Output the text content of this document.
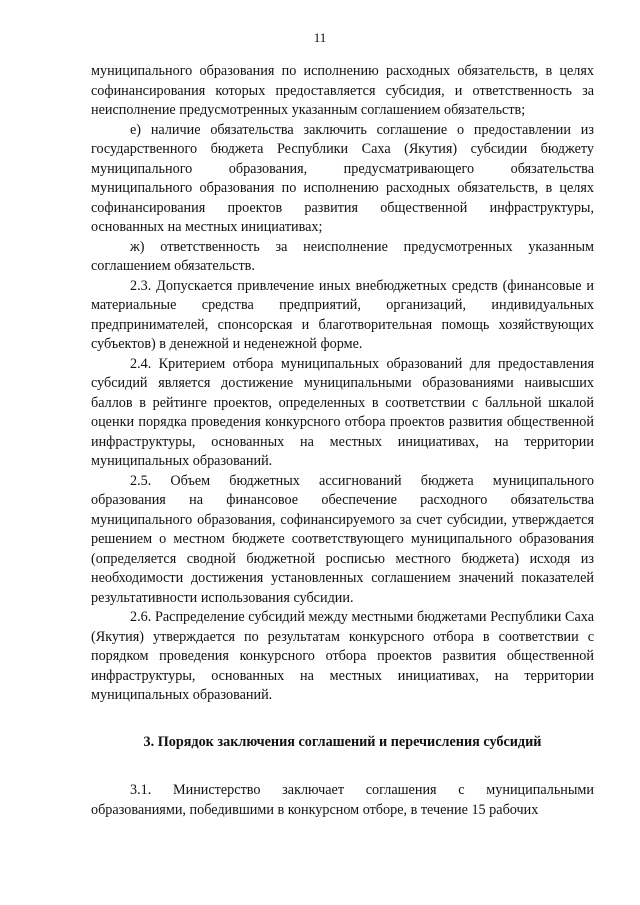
11

муниципального образования по исполнению расходных обязательств, в целях софинансирования которых предоставляется субсидия, и ответственность за неисполнение предусмотренных указанным соглашением обязательств;

е) наличие обязательства заключить соглашение о предоставлении из государственного бюджета Республики Саха (Якутия) субсидии бюджету муниципального образования, предусматривающего обязательства муниципального образования по исполнению расходных обязательств, в целях софинансирования проектов развития общественной инфраструктуры, основанных на местных инициативах;

ж) ответственность за неисполнение предусмотренных указанным соглашением обязательств.

2.3. Допускается привлечение иных внебюджетных средств (финансовые и материальные средства предприятий, организаций, индивидуальных предпринимателей, спонсорская и благотворительная помощь хозяйствующих субъектов) в денежной и неденежной форме.

2.4. Критерием отбора муниципальных образований для предоставления субсидий является достижение муниципальными образованиями наивысших баллов в рейтинге проектов, определенных в соответствии с балльной шкалой оценки порядка проведения конкурсного отбора проектов развития общественной инфраструктуры, основанных на местных инициативах, на территории муниципальных образований.

2.5. Объем бюджетных ассигнований бюджета муниципального образования на финансовое обеспечение расходного обязательства муниципального образования, софинансируемого за счет субсидии, утверждается решением о местном бюджете соответствующего муниципального образования (определяется сводной бюджетной росписью местного бюджета) исходя из необходимости достижения установленных соглашением значений показателей результативности использования субсидии.

2.6. Распределение субсидий между местными бюджетами Республики Саха (Якутия) утверждается по результатам конкурсного отбора в соответствии с порядком проведения конкурсного отбора проектов развития общественной инфраструктуры, основанных на местных инициативах, на территории муниципальных образований.

3. Порядок заключения соглашений и перечисления субсидий

3.1. Министерство заключает соглашения с муниципальными образованиями, победившими в конкурсном отборе, в течение 15 рабочих
